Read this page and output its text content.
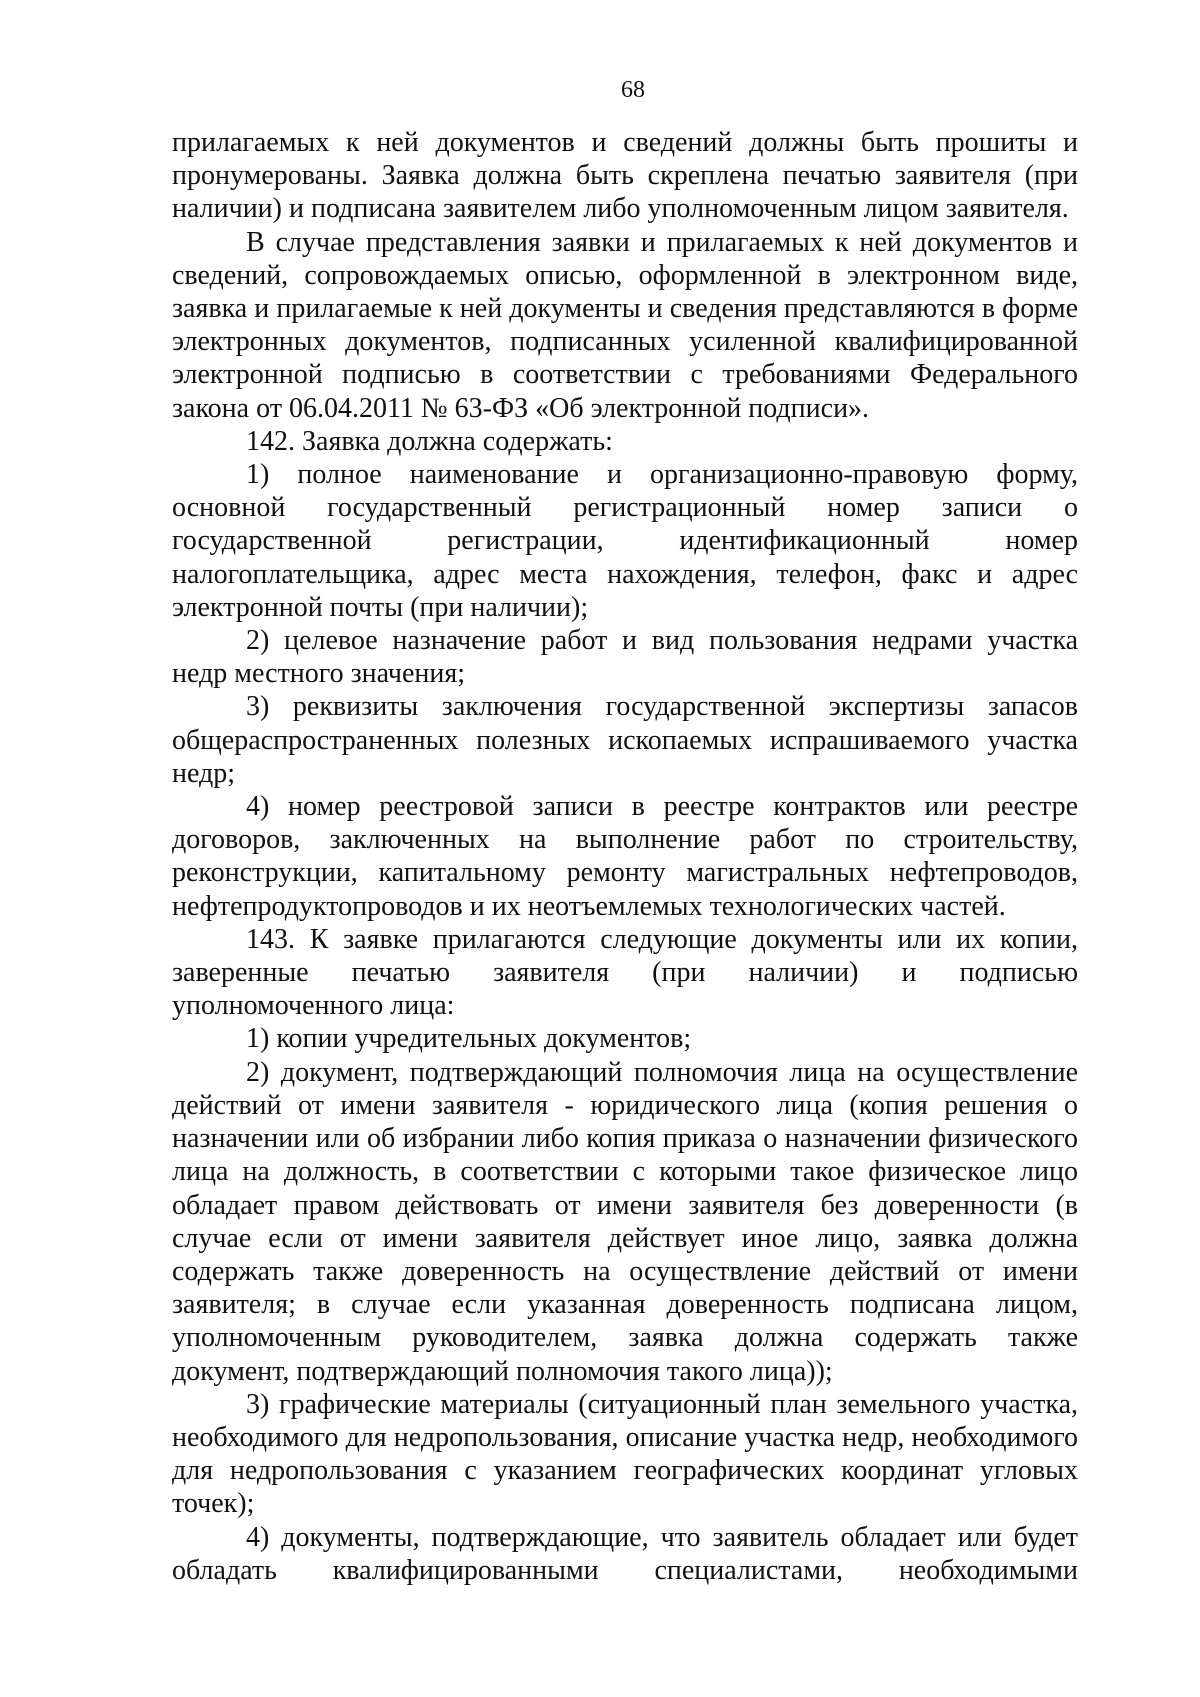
68

прилагаемых к ней документов и сведений должны быть прошиты и пронумерованы. Заявка должна быть скреплена печатью заявителя (при наличии) и подписана заявителем либо уполномоченным лицом заявителя.

В случае представления заявки и прилагаемых к ней документов и сведений, сопровождаемых описью, оформленной в электронном виде, заявка и прилагаемые к ней документы и сведения представляются в форме электронных документов, подписанных усиленной квалифицированной электронной подписью в соответствии с требованиями Федерального закона от 06.04.2011 № 63-ФЗ «Об электронной подписи».

142. Заявка должна содержать:

1) полное наименование и организационно-правовую форму, основной государственный регистрационный номер записи о государственной регистрации, идентификационный номер налогоплательщика, адрес места нахождения, телефон, факс и адрес электронной почты (при наличии);

2) целевое назначение работ и вид пользования недрами участка недр местного значения;

3) реквизиты заключения государственной экспертизы запасов общераспространенных полезных ископаемых испрашиваемого участка недр;

4) номер реестровой записи в реестре контрактов или реестре договоров, заключенных на выполнение работ по строительству, реконструкции, капитальному ремонту магистральных нефтепроводов, нефтепродуктопроводов и их неотъемлемых технологических частей.

143. К заявке прилагаются следующие документы или их копии, заверенные печатью заявителя (при наличии) и подписью уполномоченного лица:

1) копии учредительных документов;

2) документ, подтверждающий полномочия лица на осуществление действий от имени заявителя - юридического лица (копия решения о назначении или об избрании либо копия приказа о назначении физического лица на должность, в соответствии с которыми такое физическое лицо обладает правом действовать от имени заявителя без доверенности (в случае если от имени заявителя действует иное лицо, заявка должна содержать также доверенность на осуществление действий от имени заявителя; в случае если указанная доверенность подписана лицом, уполномоченным руководителем, заявка должна содержать также документ, подтверждающий полномочия такого лица));

3) графические материалы (ситуационный план земельного участка, необходимого для недропользования, описание участка недр, необходимого для недропользования с указанием географических координат угловых точек);

4) документы, подтверждающие, что заявитель обладает или будет обладать квалифицированными специалистами, необходимыми
